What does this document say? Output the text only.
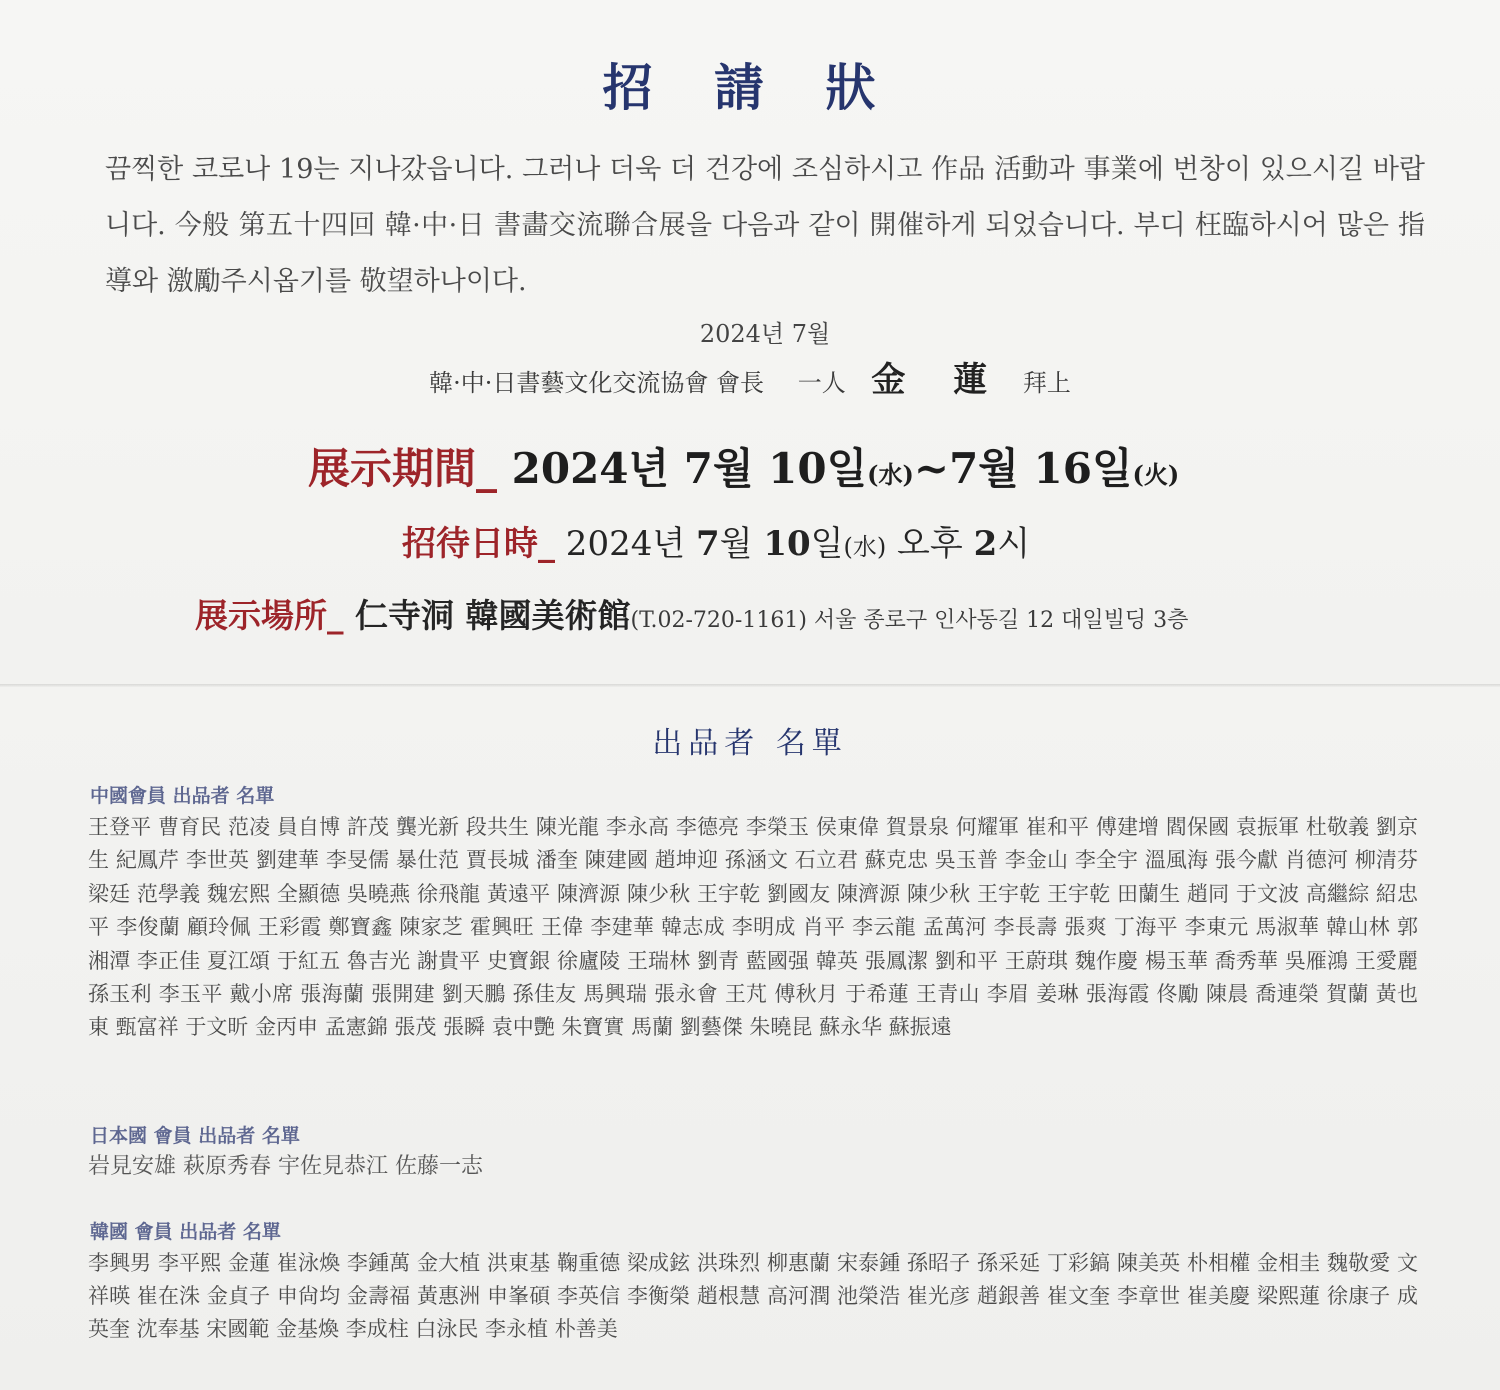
招 請 狀
끔찍한 코로나 19는 지나갔읍니다. 그러나 더욱 더 건강에 조심하시고 作品 活動과 事業에 번창이 있으시길 바랍니다. 今般 第五十四回 韓·中·日 書畵交流聯合展을 다음과 같이 開催하게 되었습니다. 부디 枉臨하시어 많은 指導와 激勵주시옵기를 敬望하나이다.
2024년 7월
韓·中·日書藝文化交流協會 會長 一人 金 蓮 拜上
展示期間_ 2024년 7월 10일(水)~7월 16일(火)
招待日時_ 2024년 7월 10일(水) 오후 2시
展示場所_ 仁寺洞 韓國美術館(T.02-720-1161) 서울 종로구 인사동길 12 대일빌딩 3층
出品者 名單
中國會員 出品者 名單
王登平 曹育民 范凌 員自博 許茂 龔光新 段共生 陳光龍 李永高 李德亮 李榮玉 侯東偉 賀景泉 何耀軍 崔和平 傅建增 閻保國 袁振軍 杜敬義 劉京生 紀鳳芹 李世英 劉建華 李旻儒 暴仕范 賈長城 潘奎 陳建國 趙坤迎 孫涵文 石立君 蘇克忠 吳玉普 李金山 李全宇 溫風海 張今獻 肖德河 柳清芬 梁廷 范學義 魏宏熙 全顯德 吳曉燕 徐飛龍 黃遠平 陳濟源 陳少秋 王宇乾 劉國友 陳濟源 陳少秋 王宇乾 王宇乾 田蘭生 趙同 于文波 高繼綜 紹忠平 李俊蘭 顧玲佩 王彩霞 鄭寶鑫 陳家芝 霍興旺 王偉 李建華 韓志成 李明成 肖平 李云龍 孟萬河 李長壽 張爽 丁海平 李東元 馬淑華 韓山林 郭湘潭 李正佳 夏江頌 于紅五 魯吉光 謝貴平 史寶銀 徐廬陵 王瑞林 劉青 藍國强 韓英 張鳳潔 劉和平 王蔚琪 魏作慶 楊玉華 喬秀華 吳雁鴻 王愛麗 孫玉利 李玉平 戴小席 張海蘭 張開建 劉天鵬 孫佳友 馬興瑞 張永會 王芃 傅秋月 于希蓮 王青山 李眉 姜琳 張海霞 佟勵 陳晨 喬連榮 賀蘭 黃也東 甄富祥 于文昕 金丙申 孟憲錦 張茂 張瞬 袁中艷 朱寶實 馬蘭 劉藝傑 朱曉昆 蘇永华 蘇振遠
日本國 會員 出品者 名單
岩見安雄 萩原秀春 宇佐見恭江 佐藤一志
韓國 會員 出品者 名單
李興男 李平熙 金蓮 崔泳煥 李鍾萬 金大植 洪東基 鞠重德 梁成鉉 洪珠烈 柳惠蘭 宋泰鍾 孫昭子 孫采延 丁彩鎬 陳美英 朴相權 金相圭 魏敬愛 文祥暎 崔在洙 金貞子 申尙均 金壽福 黃惠洲 申峯碩 李英信 李衡榮 趙根慧 高河潤 池榮浩 崔光彦 趙銀善 崔文奎 李章世 崔美慶 梁熙蓮 徐康子 成英奎 沈奉基 宋國範 金基煥 李成柱 白泳民 李永植 朴善美
